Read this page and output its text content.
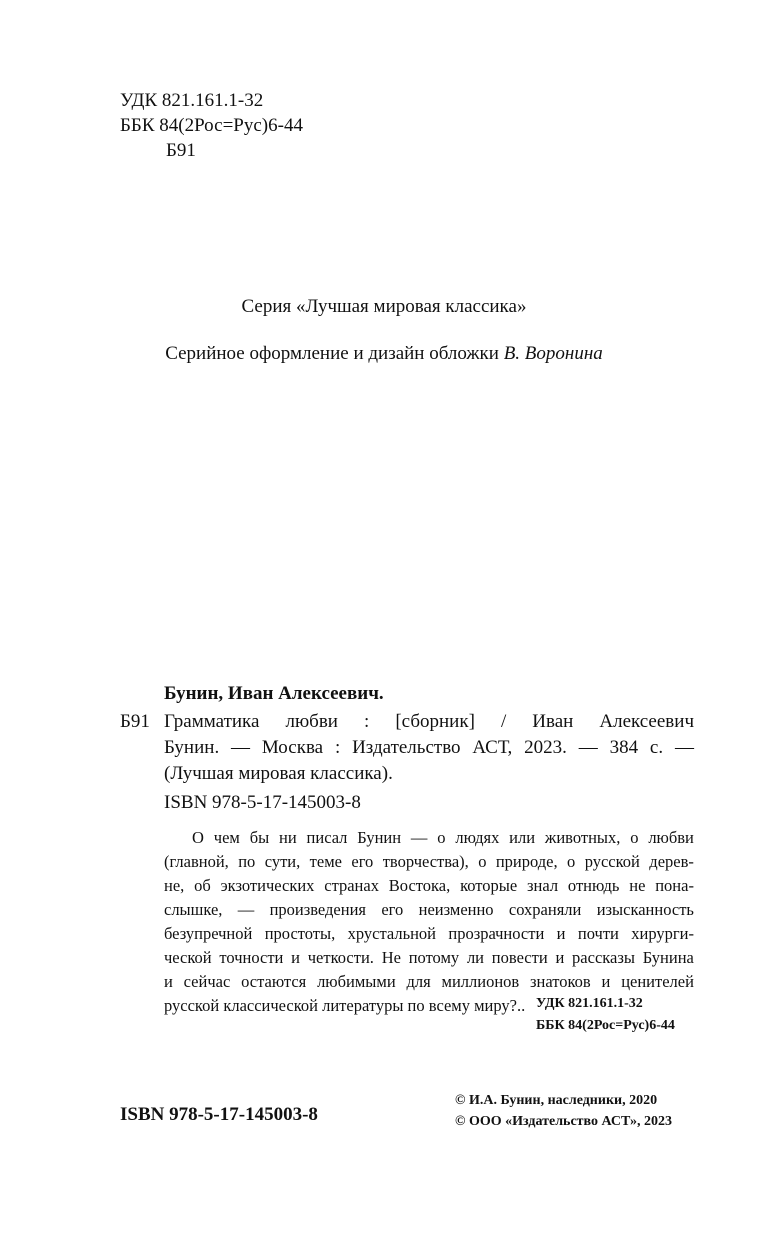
УДК 821.161.1-32
ББК 84(2Рос=Рус)6-44
Б91
Серия «Лучшая мировая классика»
Серийное оформление и дизайн обложки В. Воронина
Бунин, Иван Алексеевич.
Б91 Грамматика любви : [сборник] / Иван Алексеевич
Бунин. — Москва : Издательство АСТ, 2023. — 384 с. —
(Лучшая мировая классика).
ISBN 978-5-17-145003-8
О чем бы ни писал Бунин — о людях или животных, о любви
(главной, по сути, теме его творчества), о природе, о русской дерев-
не, об экзотических странах Востока, которые знал отнюдь не пона-
слышке, — произведения его неизменно сохраняли изысканность
безупречной простоты, хрустальной прозрачности и почти хирурги-
ческой точности и четкости. Не потому ли повести и рассказы Бунина
и сейчас остаются любимыми для миллионов знатоков и ценителей
русской классической литературы по всему миру?.. УДК 821.161.1-32
ББК 84(2Рос=Рус)6-44
ISBN 978-5-17-145003-8
© И.А. Бунин, наследники, 2020
© ООО «Издательство АСТ», 2023
